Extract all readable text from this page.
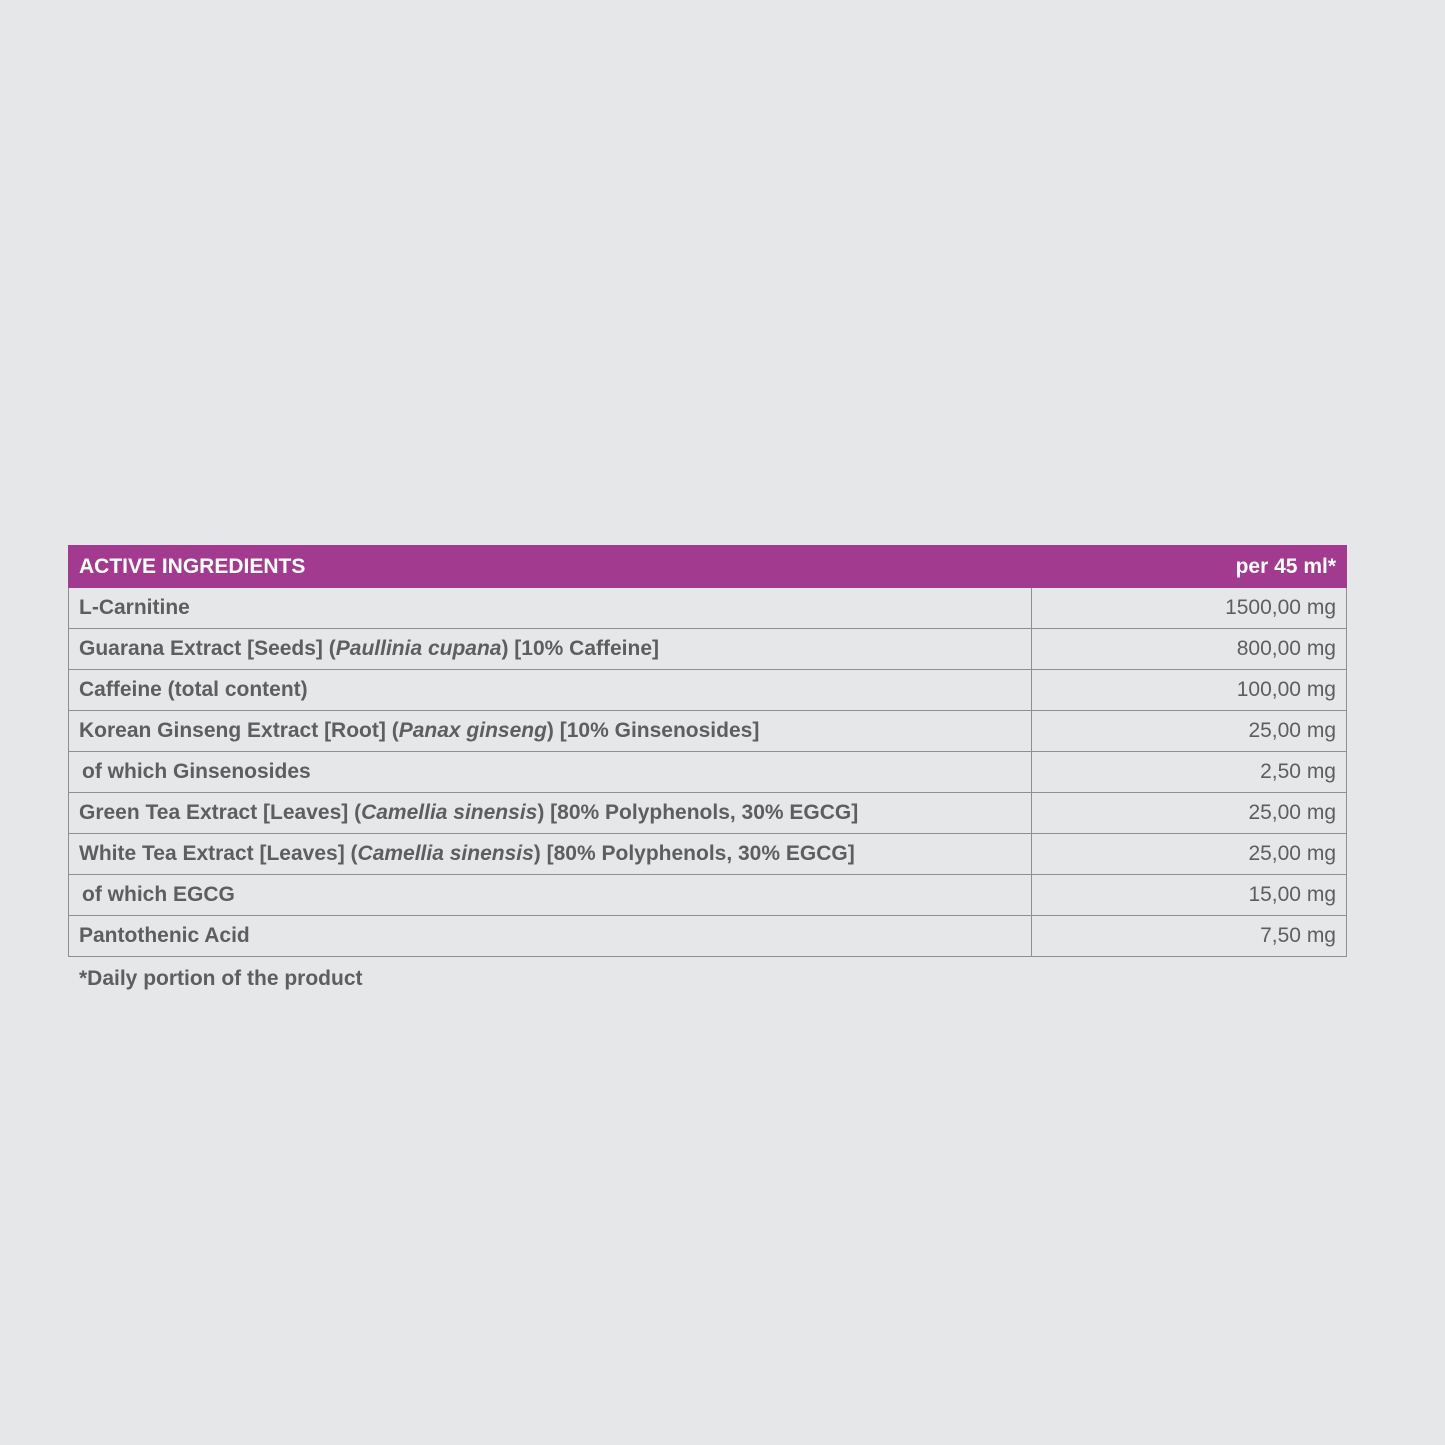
ACTIVE INGREDIENTS	per 45 ml*
L-Carnitine	1500,00 mg
Guarana Extract [Seeds] (Paullinia cupana) [10% Caffeine]	800,00 mg
Caffeine (total content)	100,00 mg
Korean Ginseng Extract [Root] (Panax ginseng) [10% Ginsenosides]	25,00 mg
of which Ginsenosides	2,50 mg
Green Tea Extract [Leaves] (Camellia sinensis) [80% Polyphenols, 30% EGCG]	25,00 mg
White Tea Extract [Leaves] (Camellia sinensis) [80% Polyphenols, 30% EGCG]	25,00 mg
of which EGCG	15,00 mg
Pantothenic Acid	7,50 mg
*Daily portion of the product
